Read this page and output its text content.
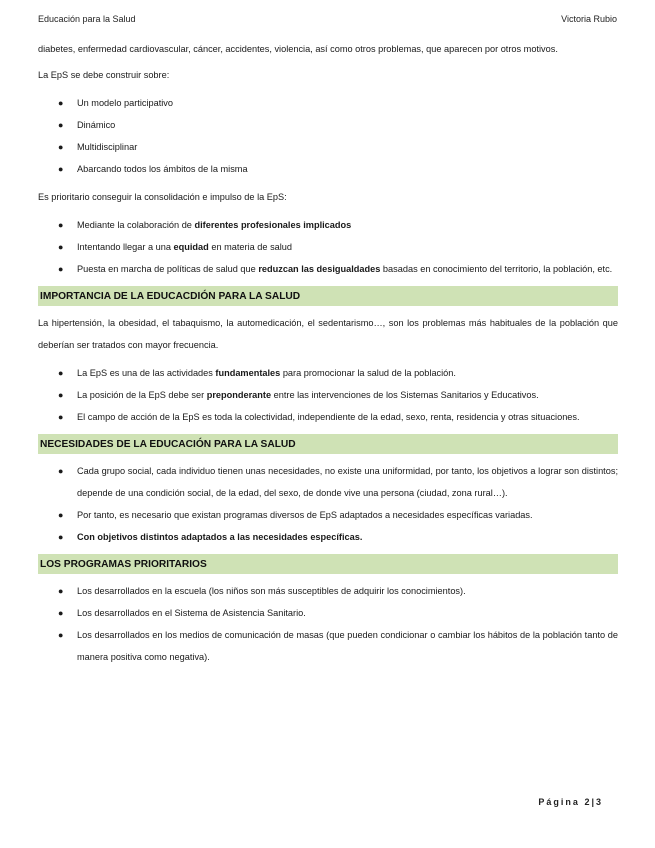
Educación para la Salud	Victoria Rubio

diabetes, enfermedad cardiovascular, cáncer, accidentes, violencia, así como otros problemas, que aparecen por otros motivos.

La EpS se debe construir sobre:

● Un modelo participativo
● Dinámico
● Multidisciplinar
● Abarcando todos los ámbitos de la misma

Es prioritario conseguir la consolidación e impulso de la EpS:

● Mediante la colaboración de diferentes profesionales implicados
● Intentando llegar a una equidad en materia de salud
● Puesta en marcha de políticas de salud que reduzcan las desigualdades basadas en conocimiento del territorio, la población, etc.
IMPORTANCIA DE LA EDUCACDIÓN PARA LA SALUD

La hipertensión, la obesidad, el tabaquismo, la automedicación, el sedentarismo…, son los problemas más habituales de la población que deberían ser tratados con mayor frecuencia.

● La EpS es una de las actividades fundamentales para promocionar la salud de la población.
● La posición de la EpS debe ser preponderante entre las intervenciones de los Sistemas Sanitarios y Educativos.
● El campo de acción de la EpS es toda la colectividad, independiente de la edad, sexo, renta, residencia y otras situaciones.
NECESIDADES DE LA EDUCACIÓN PARA LA SALUD
● Cada grupo social, cada individuo tienen unas necesidades, no existe una uniformidad, por tanto, los objetivos a lograr son distintos; depende de una condición social, de la edad, del sexo, de donde vive una persona (ciudad, zona rural…).
● Por tanto, es necesario que existan programas diversos de EpS adaptados a necesidades específicas variadas.
● Con objetivos distintos adaptados a las necesidades específicas.
LOS PROGRAMAS PRIORITARIOS
● Los desarrollados en la escuela (los niños son más susceptibles de adquirir los conocimientos).
● Los desarrollados en el Sistema de Asistencia Sanitario.
● Los desarrollados en los medios de comunicación de masas (que pueden condicionar o cambiar los hábitos de la población tanto de manera positiva como negativa).
Página 2|3
